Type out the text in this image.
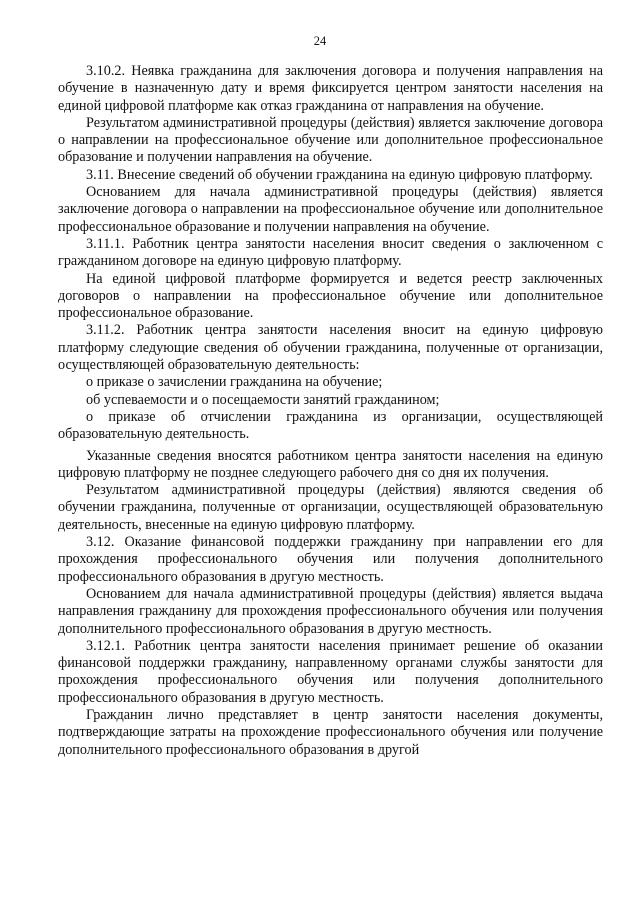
24

3.10.2. Неявка гражданина для заключения договора и получения направления на обучение в назначенную дату и время фиксируется центром занятости населения на единой цифровой платформе как отказ гражданина от направления на обучение.

Результатом административной процедуры (действия) является заключение договора о направлении на профессиональное обучение или дополнительное профессиональное образование и получении направления на обучение.

3.11. Внесение сведений об обучении гражданина на единую цифровую платформу.

Основанием для начала административной процедуры (действия) является заключение договора о направлении на профессиональное обучение или дополнительное профессиональное образование и получении направления на обучение.

3.11.1. Работник центра занятости населения вносит сведения о заключенном с гражданином договоре на единую цифровую платформу.

На единой цифровой платформе формируется и ведется реестр заключенных договоров о направлении на профессиональное обучение или дополнительное профессиональное образование.

3.11.2. Работник центра занятости населения вносит на единую цифровую платформу следующие сведения об обучении гражданина, полученные от организации, осуществляющей образовательную деятельность:

о приказе о зачислении гражданина на обучение;

об успеваемости и о посещаемости занятий гражданином;

о приказе об отчислении гражданина из организации, осуществляющей образовательную деятельность.

Указанные сведения вносятся работником центра занятости населения на единую цифровую платформу не позднее следующего рабочего дня со дня их получения.

Результатом административной процедуры (действия) являются сведения об обучении гражданина, полученные от организации, осуществляющей образовательную деятельность, внесенные на единую цифровую платформу.

3.12. Оказание финансовой поддержки гражданину при направлении его для прохождения профессионального обучения или получения дополнительного профессионального образования в другую местность.

Основанием для начала административной процедуры (действия) является выдача направления гражданину для прохождения профессионального обучения или получения дополнительного профессионального образования в другую местность.

3.12.1. Работник центра занятости населения принимает решение об оказании финансовой поддержки гражданину, направленному органами службы занятости для прохождения профессионального обучения или получения дополнительного профессионального образования в другую местность.

Гражданин лично представляет в центр занятости населения документы, подтверждающие затраты на прохождение профессионального обучения или получение дополнительного профессионального образования в другой
